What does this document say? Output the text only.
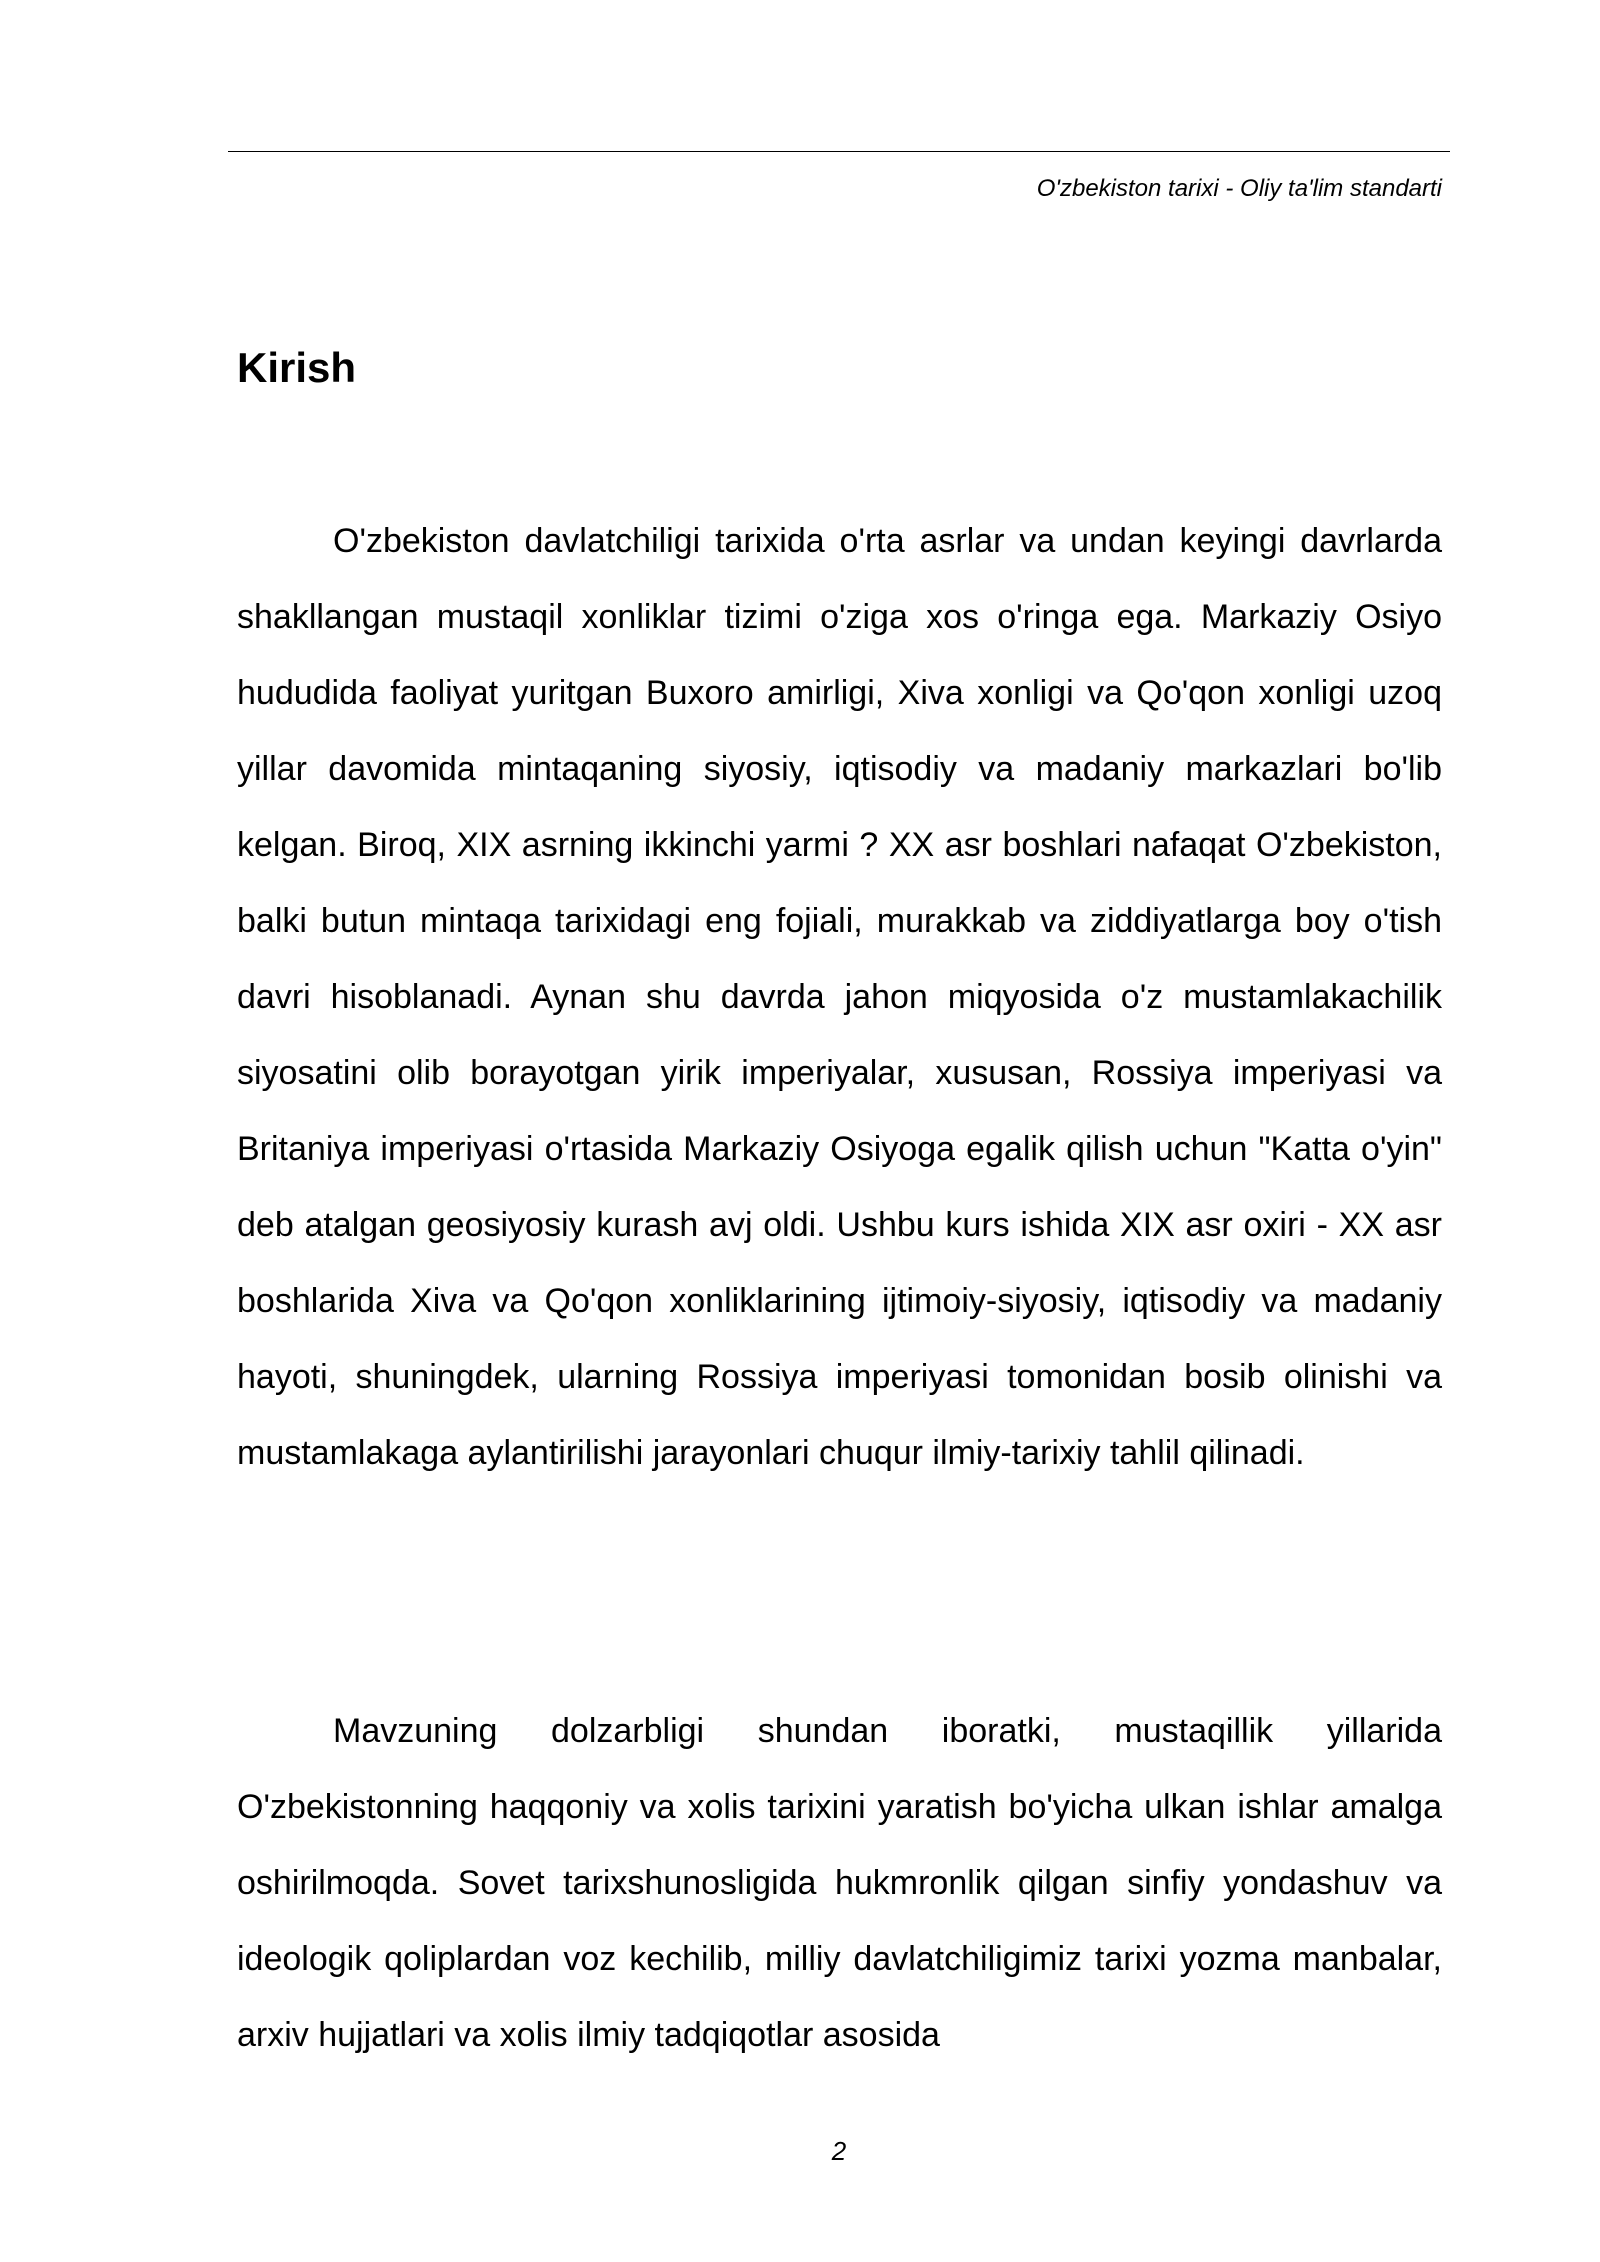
O'zbekiston tarixi - Oliy ta'lim standarti
Kirish

O'zbekiston davlatchiligi tarixida o'rta asrlar va undan keyingi davrlarda shakllangan mustaqil xonliklar tizimi o'ziga xos o'ringa ega. Markaziy Osiyo hududida faoliyat yuritgan Buxoro amirligi, Xiva xonligi va Qo'qon xonligi uzoq yillar davomida mintaqaning siyosiy, iqtisodiy va madaniy markazlari bo'lib kelgan. Biroq, XIX asrning ikkinchi yarmi ? XX asr boshlari nafaqat O'zbekiston, balki butun mintaqa tarixidagi eng fojiali, murakkab va ziddiyatlarga boy o'tish davri hisoblanadi. Aynan shu davrda jahon miqyosida o'z mustamlakachilik siyosatini olib borayotgan yirik imperiyalar, xususan, Rossiya imperiyasi va Britaniya imperiyasi o'rtasida Markaziy Osiyoga egalik qilish uchun "Katta o'yin" deb atalgan geosiyosiy kurash avj oldi. Ushbu kurs ishida XIX asr oxiri - XX asr boshlarida Xiva va Qo'qon xonliklarining ijtimoiy-siyosiy, iqtisodiy va madaniy hayoti, shuningdek, ularning Rossiya imperiyasi tomonidan bosib olinishi va mustamlakaga aylantirilishi jarayonlari chuqur ilmiy-tarixiy tahlil qilinadi.

Mavzuning dolzarbligi shundan iboratki, mustaqillik yillarida O'zbekistonning haqqoniy va xolis tarixini yaratish bo'yicha ulkan ishlar amalga oshirilmoqda. Sovet tarixshunosligida hukmronlik qilgan sinfiy yondashuv va ideologik qoliplardan voz kechilib, milliy davlatchiligimiz tarixi yozma manbalar, arxiv hujjatlari va xolis ilmiy tadqiqotlar asosida

2
